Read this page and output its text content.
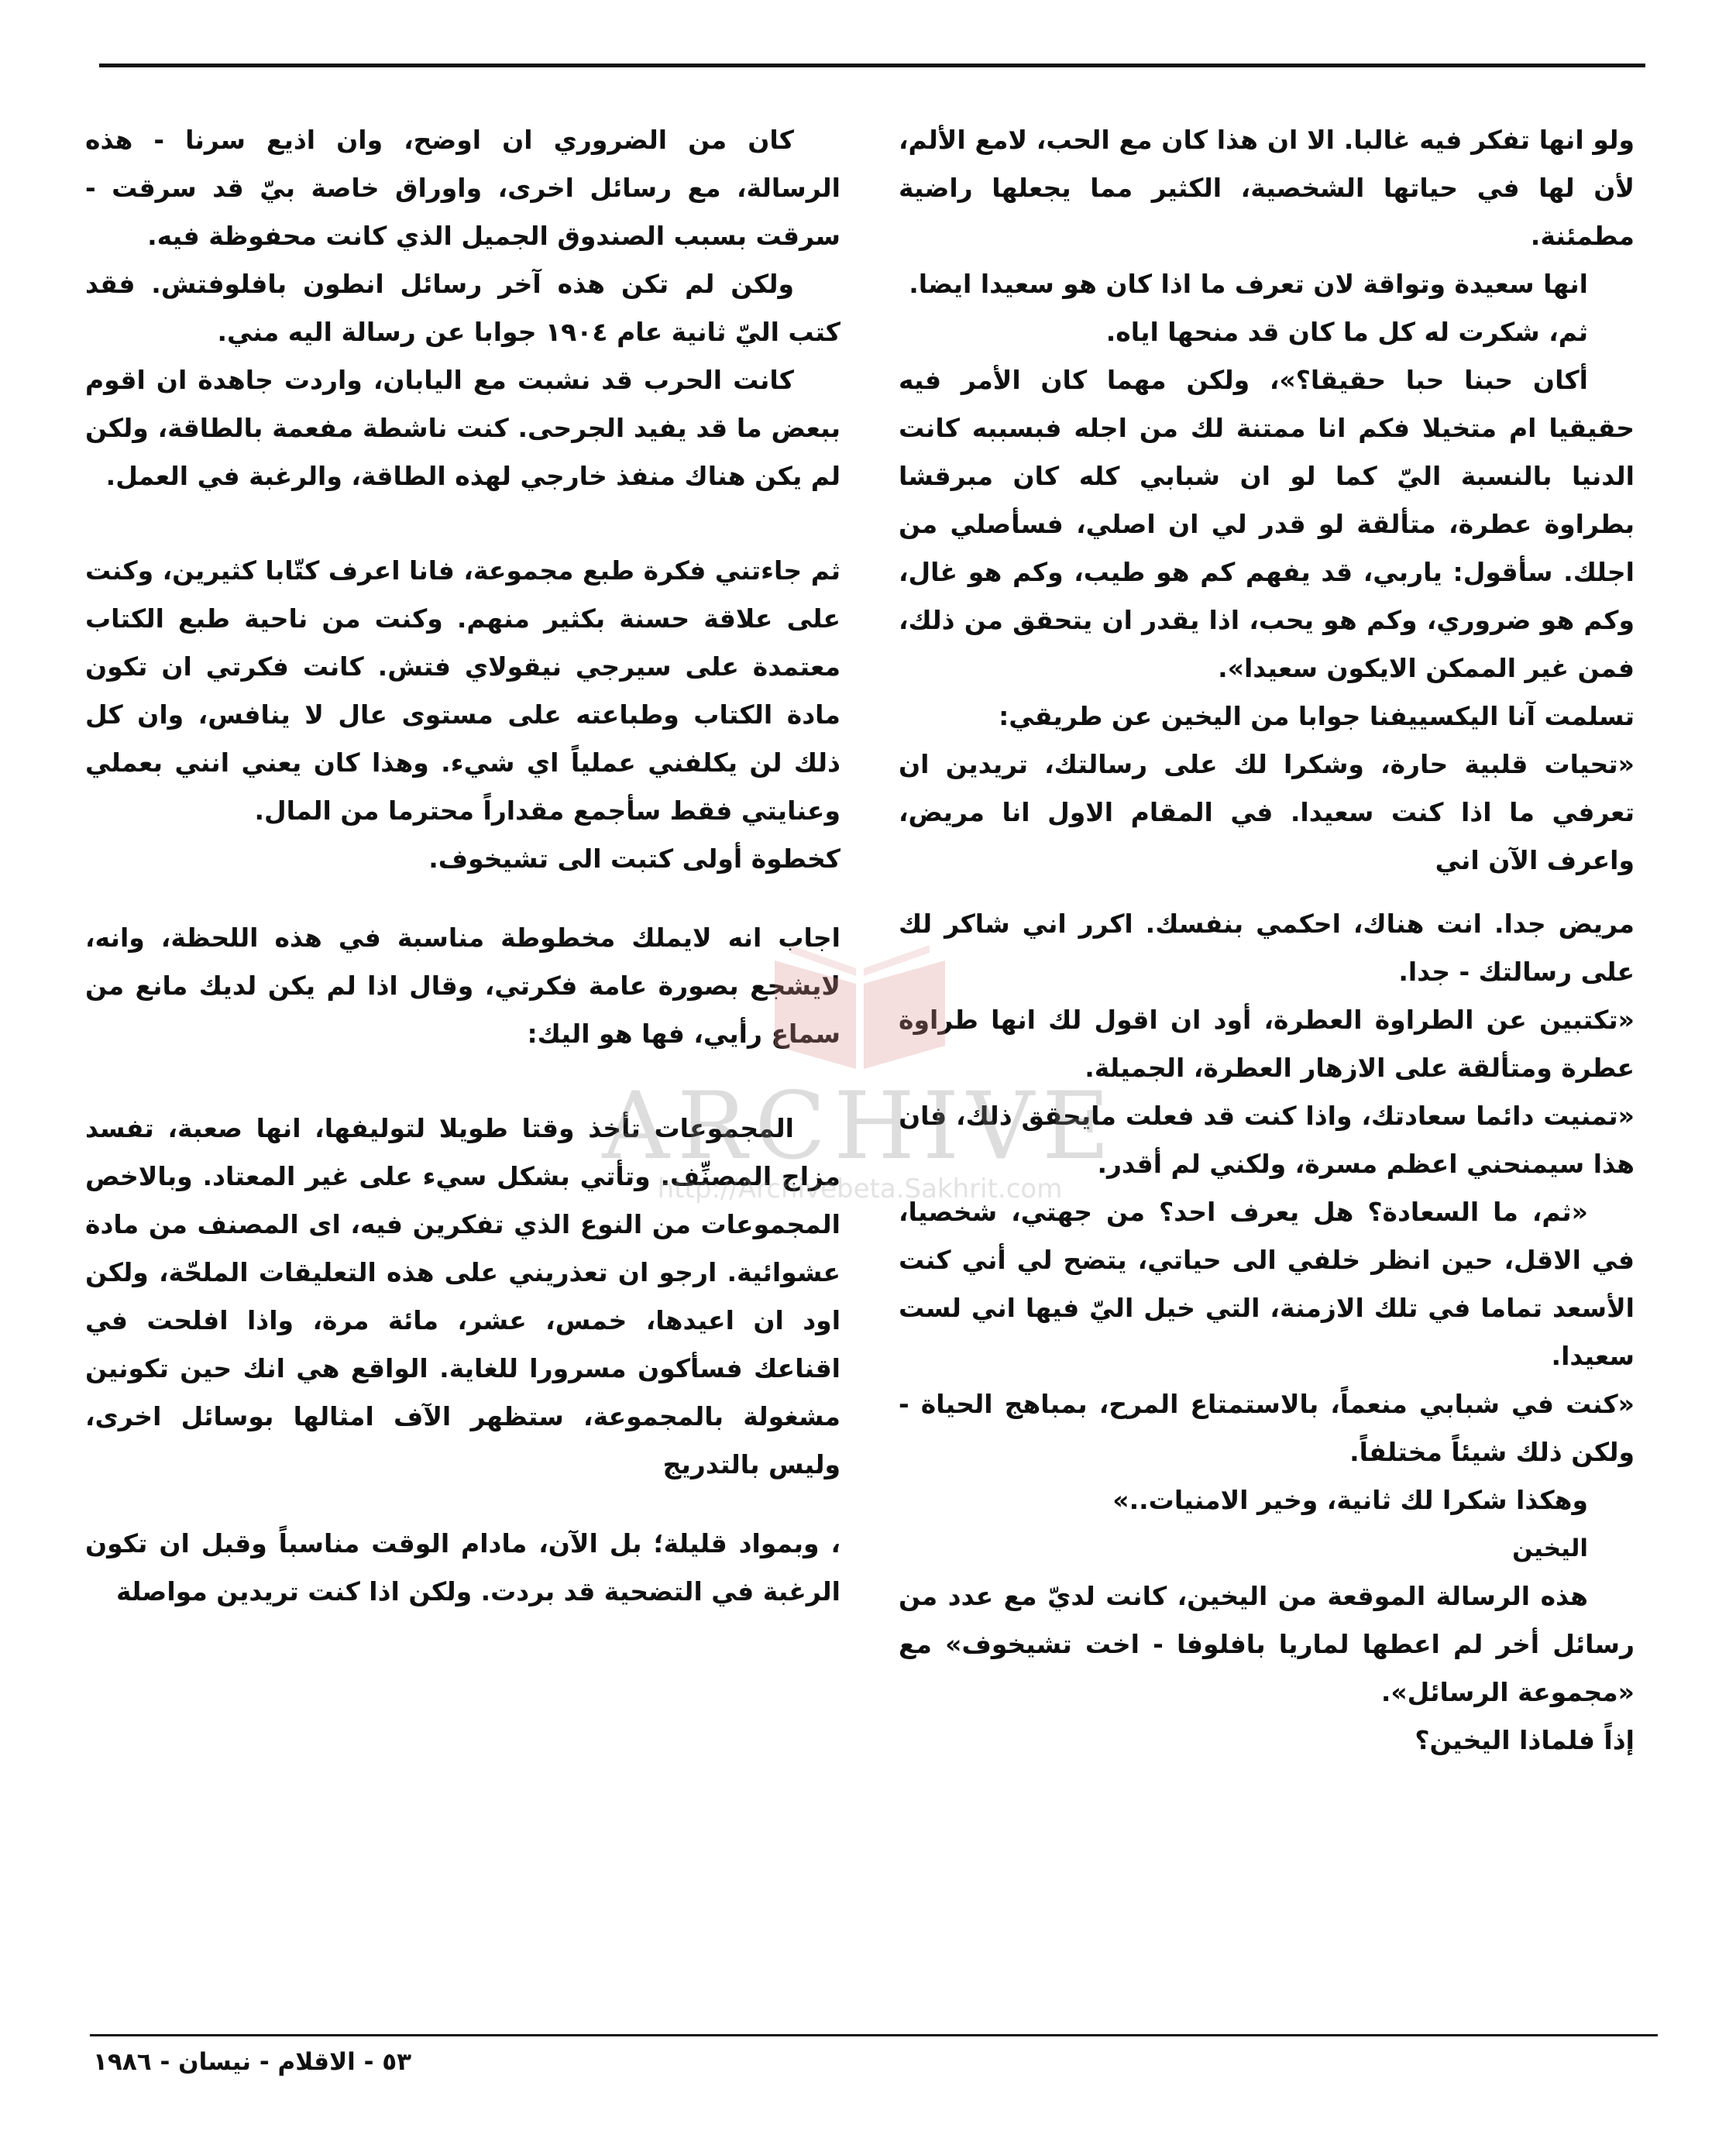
ولو انها تفكر فيه غالبا. الا ان هذا كان مع الحب، لامع الألم، لأن لها في حياتها الشخصية، الكثير مما يجعلها راضية مطمئنة.

انها سعيدة وتواقة لان تعرف ما اذا كان هو سعيدا ايضا.

ثم، شكرت له كل ما كان قد منحها اياه.

أكان حبنا حبا حقيقا؟»، ولكن مهما كان الأمر فيه حقيقيا ام متخيلا فكم انا ممتنة لك من اجله فبسببه كانت الدنيا بالنسبة اليّ كما لو ان شبابي كله كان مبرقشا بطراوة عطرة، متألقة لو قدر لي ان اصلي، فسأصلي من اجلك. سأقول: ياربي، قد يفهم كم هو طيب، وكم هو غال، وكم هو ضروري، وكم هو يحب، اذا يقدر ان يتحقق من ذلك، فمن غير الممكن الايكون سعيدا».

تسلمت آنا اليكسييفنا جوابا من اليخين عن طريقي:

«تحيات قلبية حارة، وشكرا لك على رسالتك، تريدين ان تعرفي ما اذا كنت سعيدا. في المقام الاول انا مريض، واعرف الآن اني

مريض جدا. انت هناك، احكمي بنفسك. اكرر اني شاكر لك على رسالتك - جدا.

«تكتبين عن الطراوة العطرة، أود ان اقول لك انها طراوة عطرة ومتألقة على الازهار العطرة، الجميلة.

«تمنيت دائما سعادتك، واذا كنت قد فعلت مايحقق ذلك، فان هذا سيمنحني اعظم مسرة، ولكني لم أقدر.

«ثم، ما السعادة؟ هل يعرف احد؟ من جهتي، شخصيا، في الاقل، حين انظر خلفي الى حياتي، يتضح لي أني كنت الأسعد تماما في تلك الازمنة، التي خيل اليّ فيها اني لست سعيدا.

«كنت في شبابي منعماً، بالاستمتاع المرح، بمباهج الحياة - ولكن ذلك شيئاً مختلفاً.

وهكذا شكرا لك ثانية، وخير الامنيات..»

اليخين

هذه الرسالة الموقعة من اليخين، كانت لديّ مع عدد من رسائل أخر لم اعطها لماريا بافلوفا - اخت تشيخوف» مع «مجموعة الرسائل».

إذاً فلماذا اليخين؟

كان من الضروري ان اوضح، وان اذيع سرنا - هذه الرسالة، مع رسائل اخرى، واوراق خاصة بيّ قد سرقت - سرقت بسبب الصندوق الجميل الذي كانت محفوظة فيه.

ولكن لم تكن هذه آخر رسائل انطون بافلوفتش. فقد كتب اليّ ثانية عام ١٩٠٤ جوابا عن رسالة اليه مني.

كانت الحرب قد نشبت مع اليابان، واردت جاهدة ان اقوم ببعض ما قد يفيد الجرحى. كنت ناشطة مفعمة بالطاقة، ولكن لم يكن هناك منفذ خارجي لهذه الطاقة، والرغبة في العمل.

ثم جاءتني فكرة طبع مجموعة، فانا اعرف كتّابا كثيرين، وكنت على علاقة حسنة بكثير منهم. وكنت من ناحية طبع الكتاب معتمدة على سيرجي نيقولاي فتش. كانت فكرتي ان تكون مادة الكتاب وطباعته على مستوى عال لا ينافس، وان كل ذلك لن يكلفني عملياً اي شيء. وهذا كان يعني انني بعملي وعنايتي فقط سأجمع مقداراً محترما من المال.

كخطوة أولى كتبت الى تشيخوف.

اجاب انه لايملك مخطوطة مناسبة في هذه اللحظة، وانه، لايشجع بصورة عامة فكرتي، وقال اذا لم يكن لديك مانع من سماع رأيي، فها هو اليك:

المجموعات تأخذ وقتا طويلا لتوليفها، انها صعبة، تفسد مزاج المصنِّف. وتأتي بشكل سيء على غير المعتاد. وبالاخص المجموعات من النوع الذي تفكرين فيه، اى المصنف من مادة عشوائية. ارجو ان تعذريني على هذه التعليقات الملحّة، ولكن اود ان اعيدها، خمس، عشر، مائة مرة، واذا افلحت في اقناعك فسأكون مسرورا للغاية. الواقع هي انك حين تكونين مشغولة بالمجموعة، ستظهر الآف امثالها بوسائل اخرى، وليس بالتدريج

، وبمواد قليلة؛ بل الآن، مادام الوقت مناسباً وقبل ان تكون الرغبة في التضحية قد بردت. ولكن اذا كنت تريدين مواصلة

ARCHIVE
http://Archivebeta.Sakhrit.com
٥٣ - الاقلام - نيسان - ١٩٨٦
